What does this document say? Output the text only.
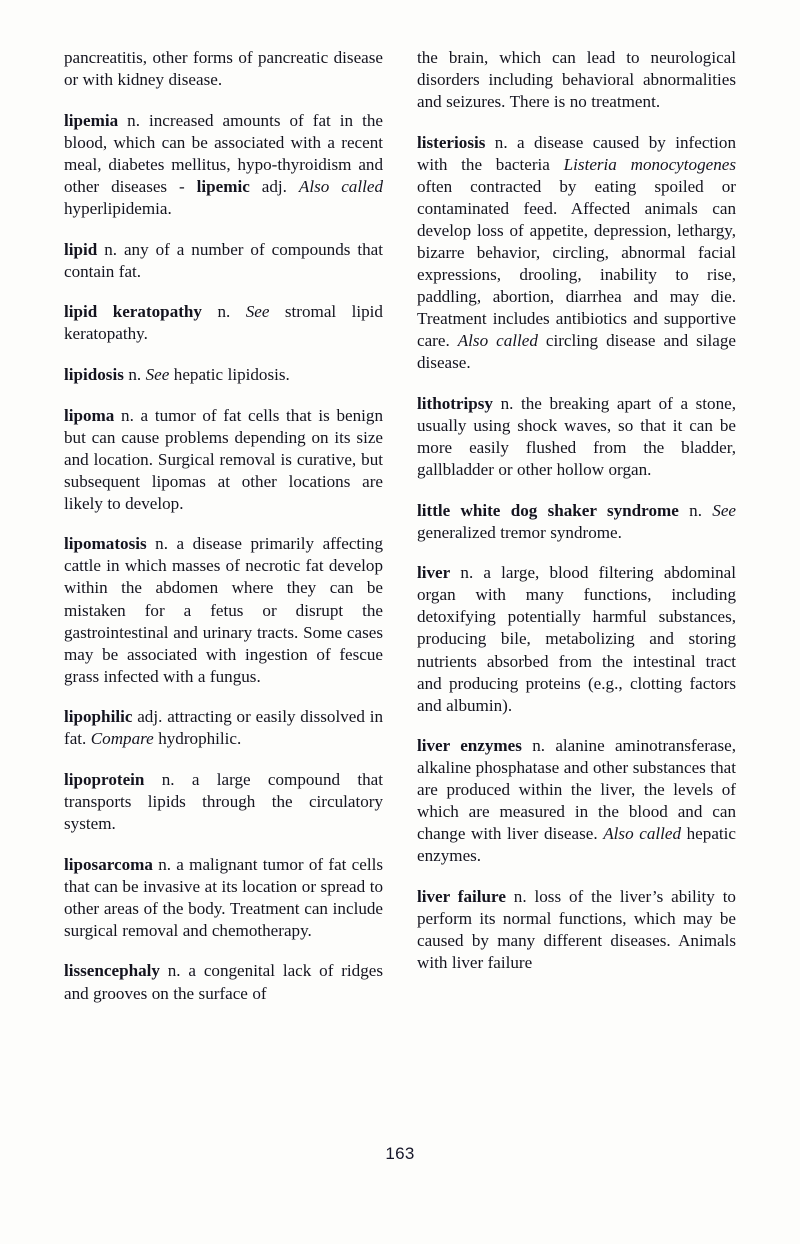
pancreatitis, other forms of pancreatic disease or with kidney disease.

lipemia n. increased amounts of fat in the blood, which can be associated with a recent meal, diabetes mellitus, hypo-thyroidism and other diseases - lipemic adj. Also called hyperlipidemia.

lipid n. any of a number of compounds that contain fat.

lipid keratopathy n. See stromal lipid keratopathy.

lipidosis n. See hepatic lipidosis.

lipoma n. a tumor of fat cells that is benign but can cause problems depending on its size and location. Surgical removal is curative, but subsequent lipomas at other locations are likely to develop.

lipomatosis n. a disease primarily affecting cattle in which masses of necrotic fat develop within the abdomen where they can be mistaken for a fetus or disrupt the gastrointestinal and urinary tracts. Some cases may be associated with ingestion of fescue grass infected with a fungus.

lipophilic adj. attracting or easily dissolved in fat. Compare hydrophilic.

lipoprotein n. a large compound that transports lipids through the circulatory system.

liposarcoma n. a malignant tumor of fat cells that can be invasive at its location or spread to other areas of the body. Treatment can include surgical removal and chemotherapy.

lissencephaly n. a congenital lack of ridges and grooves on the surface of

the brain, which can lead to neurological disorders including behavioral abnormalities and seizures. There is no treatment.

listeriosis n. a disease caused by infection with the bacteria Listeria monocytogenes often contracted by eating spoiled or contaminated feed. Affected animals can develop loss of appetite, depression, lethargy, bizarre behavior, circling, abnormal facial expressions, drooling, inability to rise, paddling, abortion, diarrhea and may die. Treatment includes antibiotics and supportive care. Also called circling disease and silage disease.

lithotripsy n. the breaking apart of a stone, usually using shock waves, so that it can be more easily flushed from the bladder, gallbladder or other hollow organ.

little white dog shaker syndrome n. See generalized tremor syndrome.

liver n. a large, blood filtering abdominal organ with many functions, including detoxifying potentially harmful substances, producing bile, metabolizing and storing nutrients absorbed from the intestinal tract and producing proteins (e.g., clotting factors and albumin).

liver enzymes n. alanine aminotransferase, alkaline phosphatase and other substances that are produced within the liver, the levels of which are measured in the blood and can change with liver disease. Also called hepatic enzymes.

liver failure n. loss of the liver’s ability to perform its normal functions, which may be caused by many different diseases. Animals with liver failure

163
